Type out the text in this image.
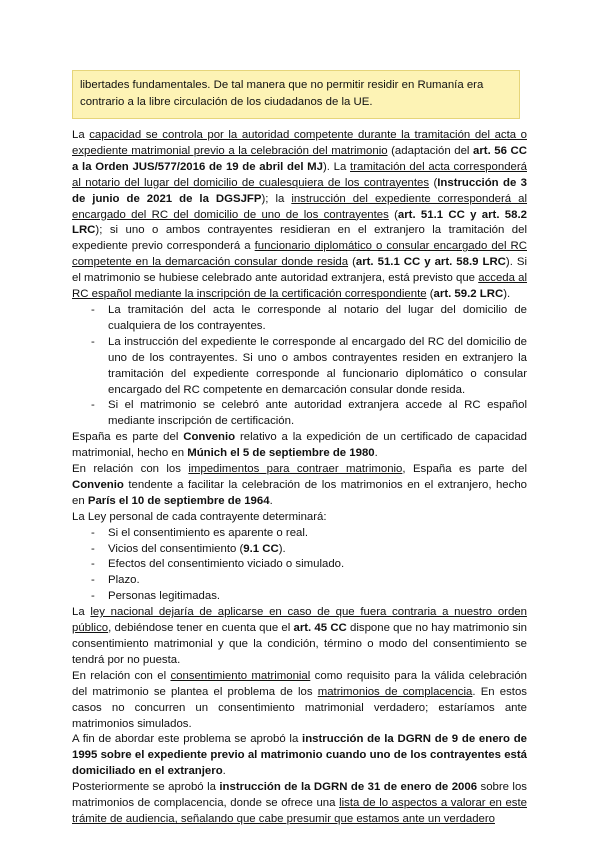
libertades fundamentales. De tal manera que no permitir residir en Rumanía era contrario a la libre circulación de los ciudadanos de la UE.

La capacidad se controla por la autoridad competente durante la tramitación del acta o expediente matrimonial previo a la celebración del matrimonio (adaptación del art. 56 CC a la Orden JUS/577/2016 de 19 de abril del MJ). La tramitación del acta corresponderá al notario del lugar del domicilio de cualesquiera de los contrayentes (Instrucción de 3 de junio de 2021 de la DGSJFP); la instrucción del expediente corresponderá al encargado del RC del domicilio de uno de los contrayentes (art. 51.1 CC y art. 58.2 LRC); si uno o ambos contrayentes residieran en el extranjero la tramitación del expediente previo corresponderá a funcionario diplomático o consular encargado del RC competente en la demarcación consular donde resida (art. 51.1 CC y art. 58.9 LRC). Si el matrimonio se hubiese celebrado ante autoridad extranjera, está previsto que acceda al RC español mediante la inscripción de la certificación correspondiente (art. 59.2 LRC).

- La tramitación del acta le corresponde al notario del lugar del domicilio de cualquiera de los contrayentes.
- La instrucción del expediente le corresponde al encargado del RC del domicilio de uno de los contrayentes. Si uno o ambos contrayentes residen en extranjero la tramitación del expediente corresponde al funcionario diplomático o consular encargado del RC competente en demarcación consular donde resida.
- Si el matrimonio se celebró ante autoridad extranjera accede al RC español mediante inscripción de certificación.

España es parte del Convenio relativo a la expedición de un certificado de capacidad matrimonial, hecho en Múnich el 5 de septiembre de 1980.

En relación con los impedimentos para contraer matrimonio, España es parte del Convenio tendente a facilitar la celebración de los matrimonios en el extranjero, hecho en París el 10 de septiembre de 1964.

La Ley personal de cada contrayente determinará:

- Si el consentimiento es aparente o real.
- Vicios del consentimiento (9.1 CC).
- Efectos del consentimiento viciado o simulado.
- Plazo.
- Personas legitimadas.

La ley nacional dejaría de aplicarse en caso de que fuera contraria a nuestro orden público, debiéndose tener en cuenta que el art. 45 CC dispone que no hay matrimonio sin consentimiento matrimonial y que la condición, término o modo del consentimiento se tendrá por no puesta.

En relación con el consentimiento matrimonial como requisito para la válida celebración del matrimonio se plantea el problema de los matrimonios de complacencia. En estos casos no concurren un consentimiento matrimonial verdadero; estaríamos ante matrimonios simulados.

A fin de abordar este problema se aprobó la instrucción de la DGRN de 9 de enero de 1995 sobre el expediente previo al matrimonio cuando uno de los contrayentes está domiciliado en el extranjero.

Posteriormente se aprobó la instrucción de la DGRN de 31 de enero de 2006 sobre los matrimonios de complacencia, donde se ofrece una lista de lo aspectos a valorar en este trámite de audiencia, señalando que cabe presumir que estamos ante un verdadero
